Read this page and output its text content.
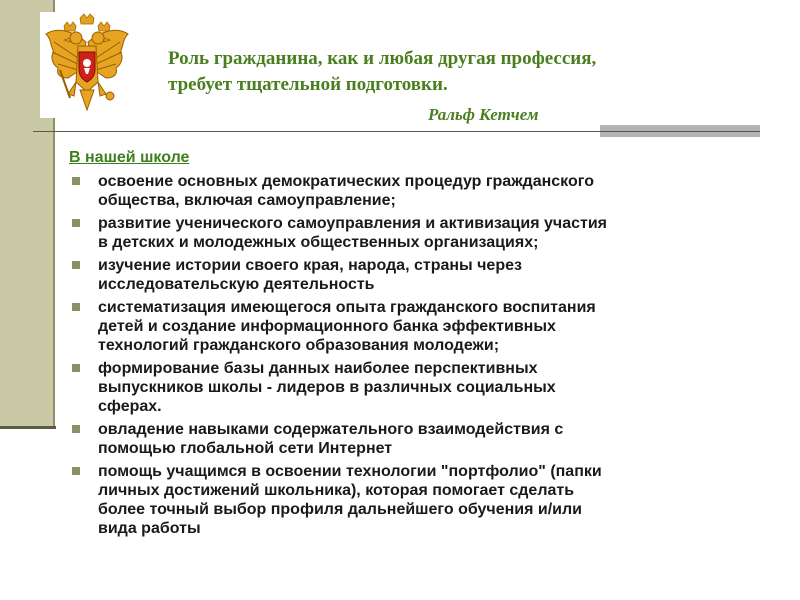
Роль гражданина, как и любая другая профессия,
требует тщательной подготовки.

Ральф Кетчем
В нашей школе
освоение основных демократических процедур гражданского
общества, включая самоуправление;
развитие ученического самоуправления и активизация участия
в детских и молодежных общественных организациях;
изучение истории своего края, народа, страны через
исследовательскую деятельность
систематизация имеющегося опыта гражданского воспитания
детей и создание информационного банка эффективных
технологий гражданского образования молодежи;
формирование базы данных наиболее перспективных
выпускников школы - лидеров в различных социальных
сферах.
овладение навыками содержательного взаимодействия с
помощью глобальной сети Интернет
помощь учащимся в освоении технологии "портфолио" (папки
личных достижений школьника), которая помогает сделать
более точный выбор профиля дальнейшего обучения и/или
вида работы
